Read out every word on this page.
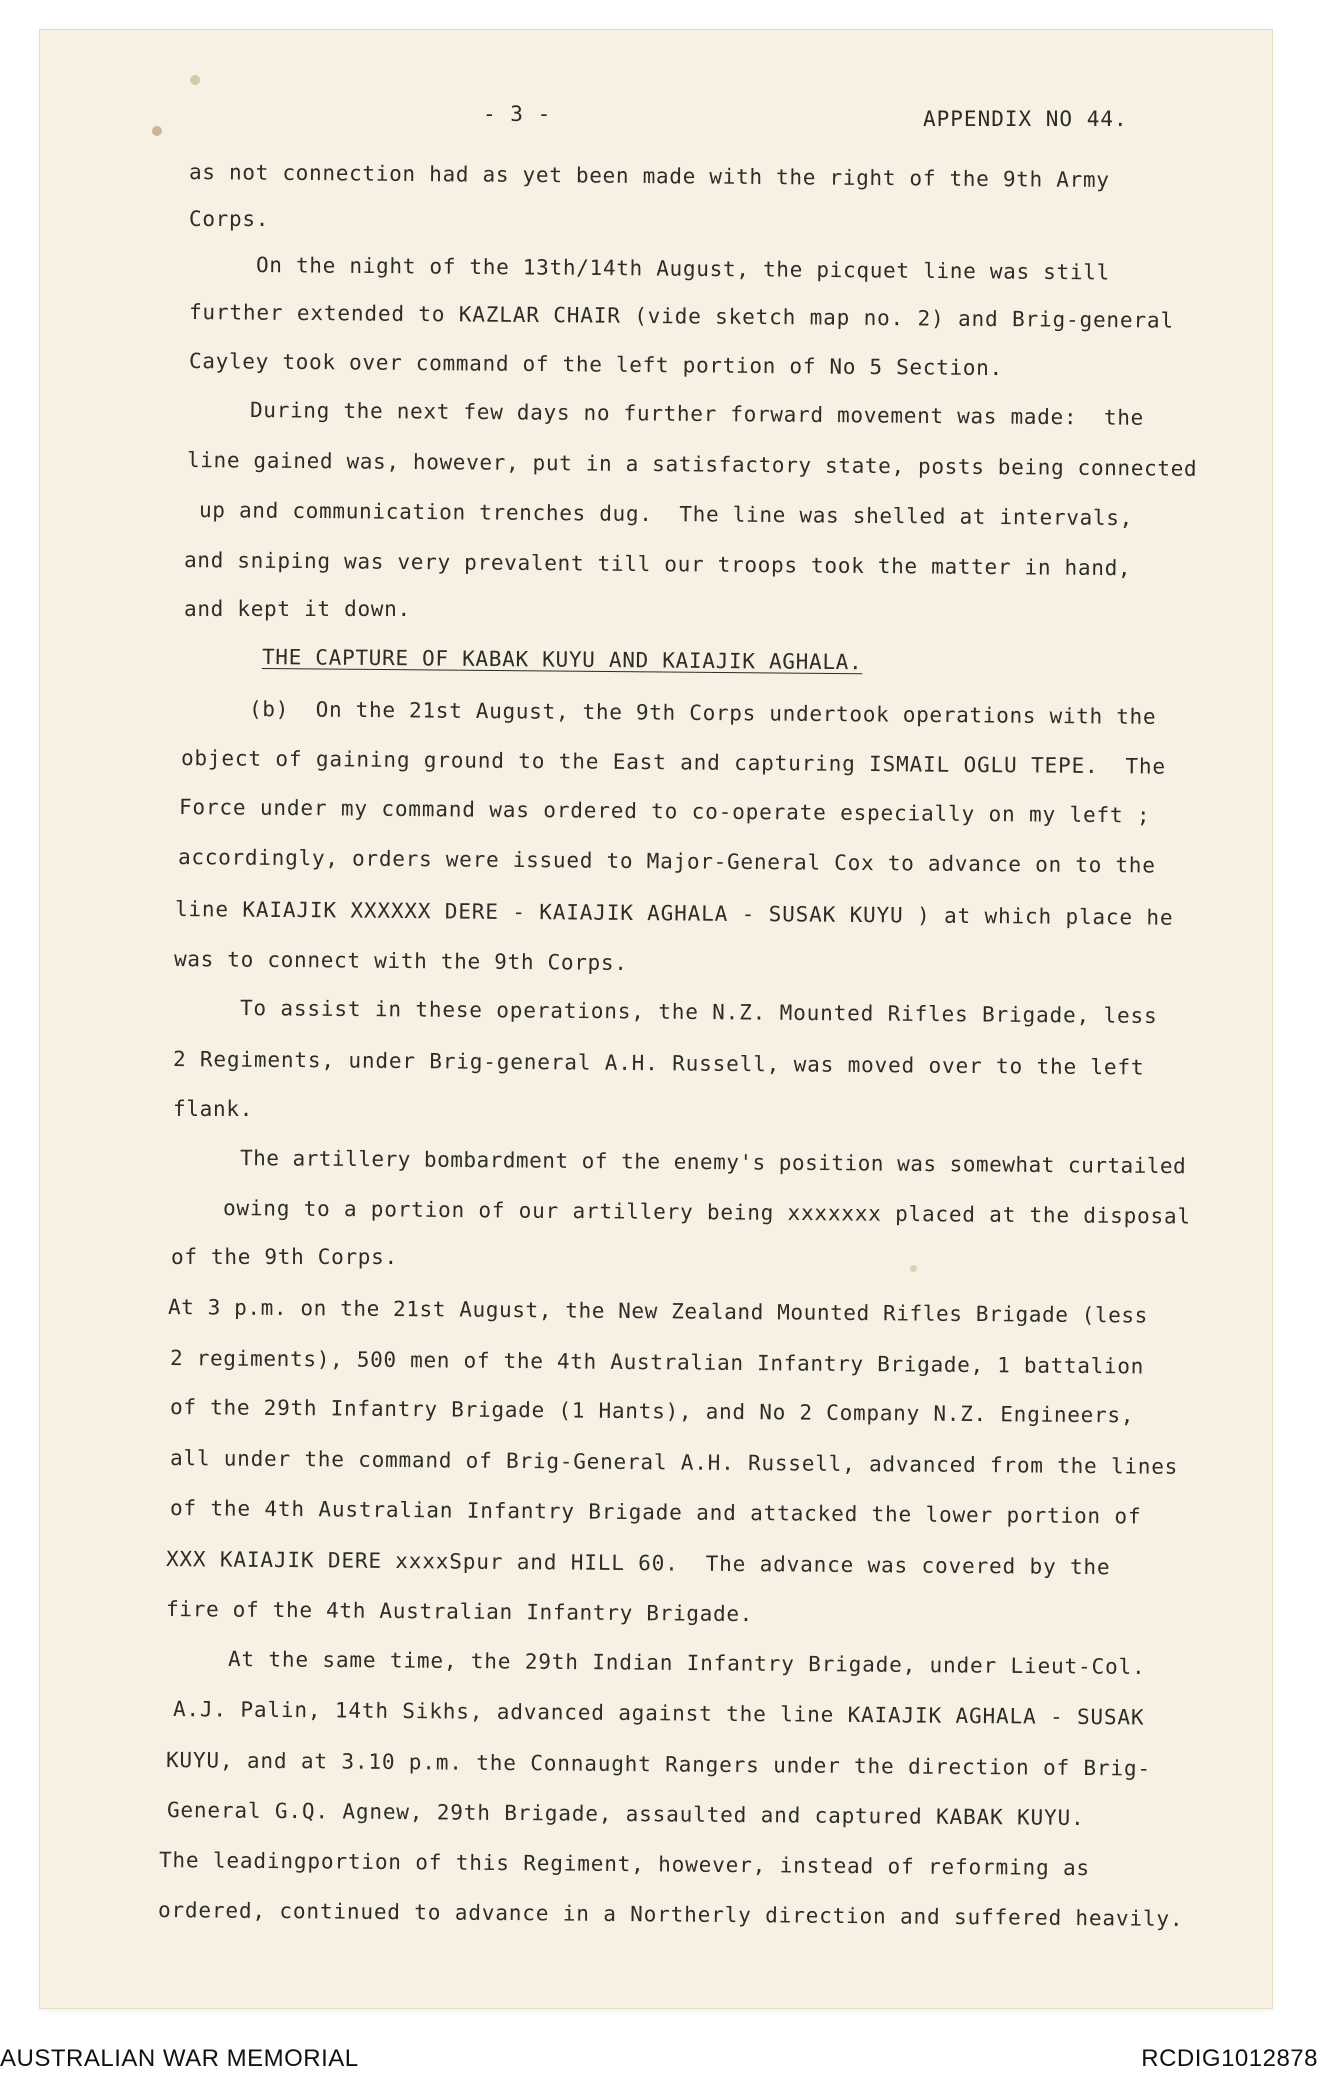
- 3 -	APPENDIX NO 44.
as not connection had as yet been made with the right of the 9th Army
Corps.
On the night of the 13th/14th August, the picquet line was still
further extended to KAZLAR CHAIR (vide sketch map no. 2) and Brig-general
Cayley took over command of the left portion of No 5 Section.
During the next few days no further forward movement was made:  the
line gained was, however, put in a satisfactory state, posts being connected
up and communication trenches dug.  The line was shelled at intervals,
and sniping was very prevalent till our troops took the matter in hand,
and kept it down.
THE CAPTURE OF KABAK KUYU AND KAIAJIK AGHALA.
(b)  On the 21st August, the 9th Corps undertook operations with the
object of gaining ground to the East and capturing ISMAIL OGLU TEPE.  The
Force under my command was ordered to co-operate especially on my left ;
accordingly, orders were issued to Major-General Cox to advance on to the
line KAIAJIK XXXXXX DERE - KAIAJIK AGHALA - SUSAK KUYU ) at which place he
was to connect with the 9th Corps.
To assist in these operations, the N.Z. Mounted Rifles Brigade, less
2 Regiments, under Brig-general A.H. Russell, was moved over to the left
flank.
The artillery bombardment of the enemy's position was somewhat curtailed
owing to a portion of our artillery being xxxxxxx placed at the disposal
of the 9th Corps.
At 3 p.m. on the 21st August, the New Zealand Mounted Rifles Brigade (less
2 regiments), 500 men of the 4th Australian Infantry Brigade, 1 battalion
of the 29th Infantry Brigade (1 Hants), and No 2 Company N.Z. Engineers,
all under the command of Brig-General A.H. Russell, advanced from the lines
of the 4th Australian Infantry Brigade and attacked the lower portion of
XXX KAIAJIK DERE xxxxSpur and HILL 60.  The advance was covered by the
fire of the 4th Australian Infantry Brigade.
At the same time, the 29th Indian Infantry Brigade, under Lieut-Col.
A.J. Palin, 14th Sikhs, advanced against the line KAIAJIK AGHALA - SUSAK
KUYU, and at 3.10 p.m. the Connaught Rangers under the direction of Brig-
General G.Q. Agnew, 29th Brigade, assaulted and captured KABAK KUYU.
The leadingportion of this Regiment, however, instead of reforming as
ordered, continued to advance in a Northerly direction and suffered heavily.
AUSTRALIAN WAR MEMORIAL	RCDIG1012878
